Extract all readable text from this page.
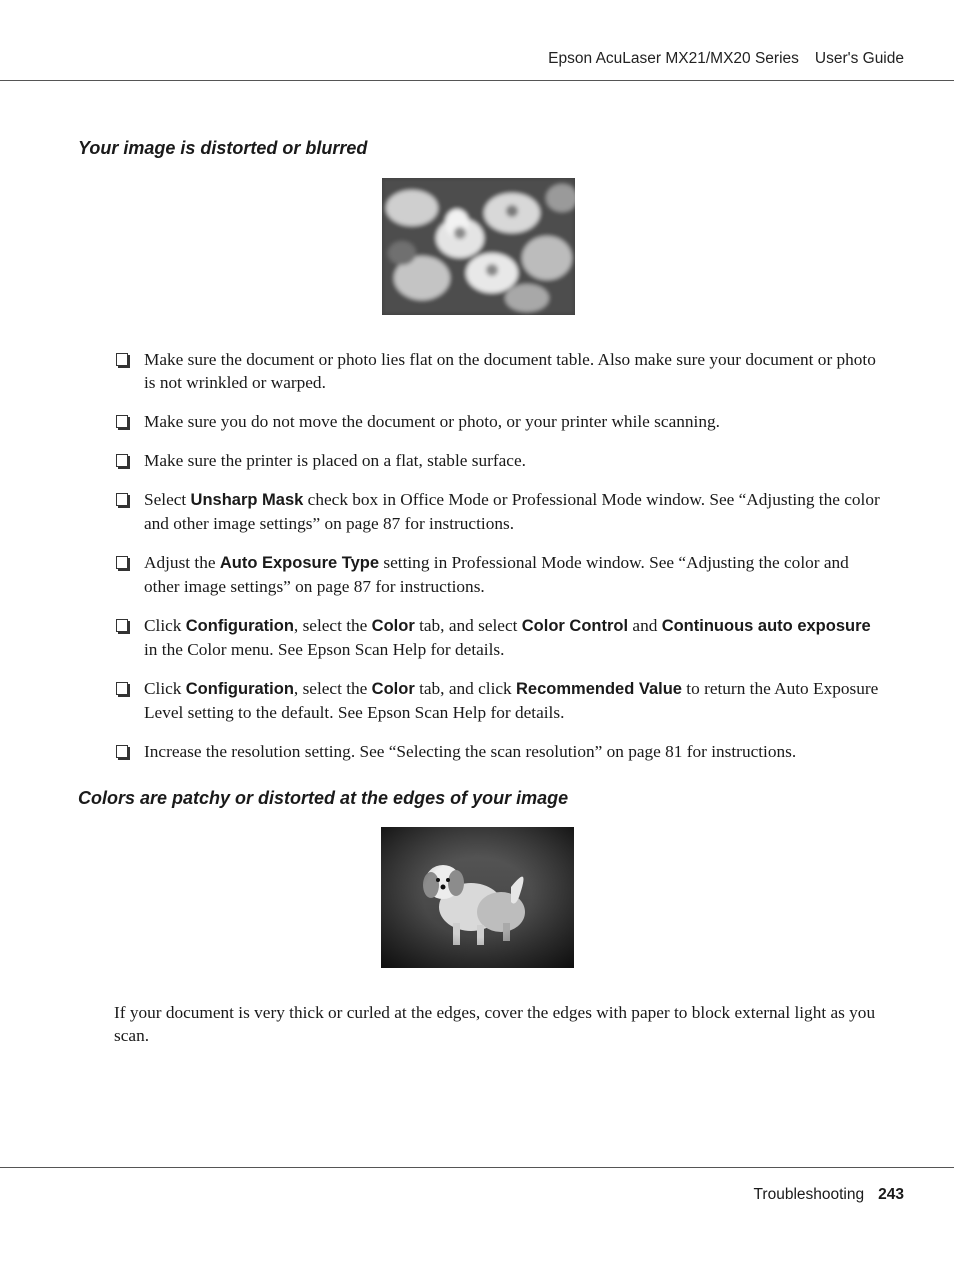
Epson AcuLaser MX21/MX20 Series User's Guide
Your image is distorted or blurred
Make sure the document or photo lies flat on the document table. Also make sure your document or photo is not wrinkled or warped.
Make sure you do not move the document or photo, or your printer while scanning.
Make sure the printer is placed on a flat, stable surface.
Select Unsharp Mask check box in Office Mode or Professional Mode window. See “Adjusting the color and other image settings” on page 87 for instructions.
Adjust the Auto Exposure Type setting in Professional Mode window. See “Adjusting the color and other image settings” on page 87 for instructions.
Click Configuration, select the Color tab, and select Color Control and Continuous auto exposure in the Color menu. See Epson Scan Help for details.
Click Configuration, select the Color tab, and click Recommended Value to return the Auto Exposure Level setting to the default. See Epson Scan Help for details.
Increase the resolution setting. See “Selecting the scan resolution” on page 81 for instructions.
Colors are patchy or distorted at the edges of your image
If your document is very thick or curled at the edges, cover the edges with paper to block external light as you scan.
Troubleshooting 243
